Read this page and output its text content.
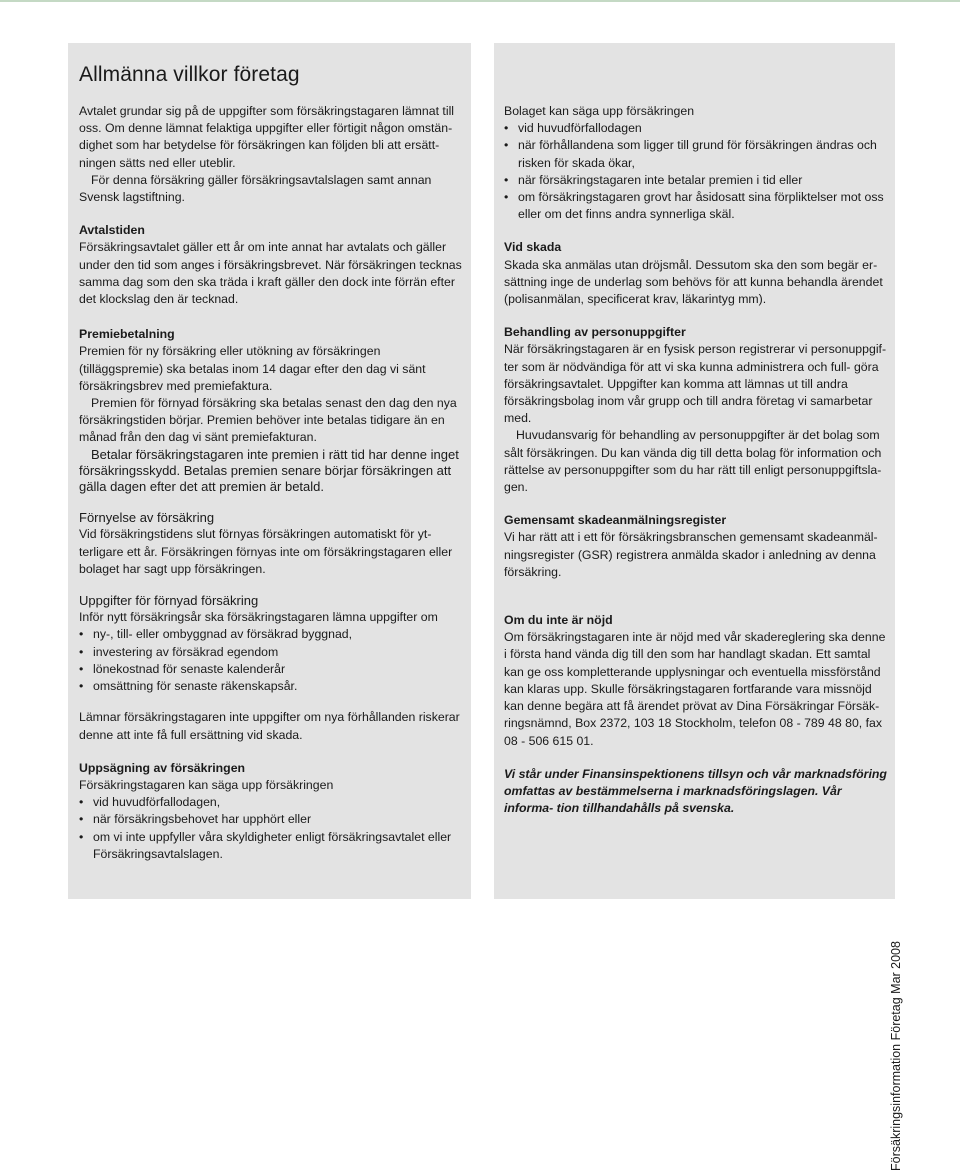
Allmänna villkor företag

Avtalet grundar sig på de uppgifter som försäkringstagaren lämnat till oss. Om denne lämnat felaktiga uppgifter eller förtigit någon omstän- dighet som har betydelse för försäkringen kan följden bli att ersätt- ningen sätts ned eller uteblir.

För denna försäkring gäller försäkringsavtalslagen samt annan Svensk lagstiftning.

Avtalstiden

Försäkringsavtalet gäller ett år om inte annat har avtalats och gäller under den tid som anges i försäkringsbrevet. När försäkringen tecknas samma dag som den ska träda i kraft gäller den dock inte förrän efter det klockslag den är tecknad.

Premiebetalning

Premien för ny försäkring eller utökning av försäkringen (tilläggspremie) ska betalas inom 14 dagar efter den dag vi sänt försäkringsbrev med premiefaktura.

Premien för förnyad försäkring ska betalas senast den dag den nya försäkringstiden börjar. Premien behöver inte betalas tidigare än en månad från den dag vi sänt premiefakturan.

Betalar försäkringstagaren inte premien i rätt tid har denne inget försäkringsskydd. Betalas premien senare börjar försäkringen att gälla dagen efter det att premien är betald.

Förnyelse av försäkring

Vid försäkringstidens slut förnyas försäkringen automatiskt för yt- terligare ett år. Försäkringen förnyas inte om försäkringstagaren eller bolaget har sagt upp försäkringen.

Uppgifter för förnyad försäkring

Inför nytt försäkringsår ska försäkringstagaren lämna uppgifter om

• ny-, till- eller ombyggnad av försäkrad byggnad,
• investering av försäkrad egendom
• lönekostnad för senaste kalenderår
• omsättning för senaste räkenskapsår.

Lämnar försäkringstagaren inte uppgifter om nya förhållanden riskerar denne att inte få full ersättning vid skada.

Uppsägning av försäkringen

Försäkringstagaren kan säga upp försäkringen

• vid huvudförfallodagen,
• när försäkringsbehovet har upphört eller
• om vi inte uppfyller våra skyldigheter enligt försäkringsavtalet eller Försäkringsavtalslagen.

Bolaget kan säga upp försäkringen

• vid huvudförfallodagen
• när förhållandena som ligger till grund för försäkringen ändras och risken för skada ökar,
• när försäkringstagaren inte betalar premien i tid eller
• om försäkringstagaren grovt har åsidosatt sina förpliktelser mot oss eller om det finns andra synnerliga skäl.

Vid skada

Skada ska anmälas utan dröjsmål. Dessutom ska den som begär er- sättning inge de underlag som behövs för att kunna behandla ärendet (polisanmälan, specificerat krav, läkarintyg mm).

Behandling av personuppgifter

När försäkringstagaren är en fysisk person registrerar vi personuppgif- ter som är nödvändiga för att vi ska kunna administrera och full- göra försäkringsavtalet. Uppgifter kan komma att lämnas ut till andra försäkringsbolag inom vår grupp och till andra företag vi samarbetar med.

Huvudansvarig för behandling av personuppgifter är det bolag som sålt försäkringen. Du kan vända dig till detta bolag för information och rättelse av personuppgifter som du har rätt till enligt personuppgiftsla- gen.

Gemensamt skadeanmälningsregister

Vi har rätt att i ett för försäkringsbranschen gemensamt skadeanmäl- ningsregister (GSR) registrera anmälda skador i anledning av denna försäkring.

Om du inte är nöjd

Om försäkringstagaren inte är nöjd med vår skadereglering ska denne i första hand vända dig till den som har handlagt skadan. Ett samtal kan ge oss kompletterande upplysningar och eventuella missförstånd kan klaras upp. Skulle försäkringstagaren fortfarande vara missnöjd kan denne begära att få ärendet prövat av Dina Försäkringar Försäk- ringsnämnd, Box 2372, 103 18 Stockholm, telefon 08 - 789 48 80, fax 08 - 506 615 01.

Vi står under Finansinspektionens tillsyn och vår marknadsföring omfattas av bestämmelserna i marknadsföringslagen. Vår informa- tion tillhandahålls på svenska.

Försäkringsinformation Företag Mar 2008
